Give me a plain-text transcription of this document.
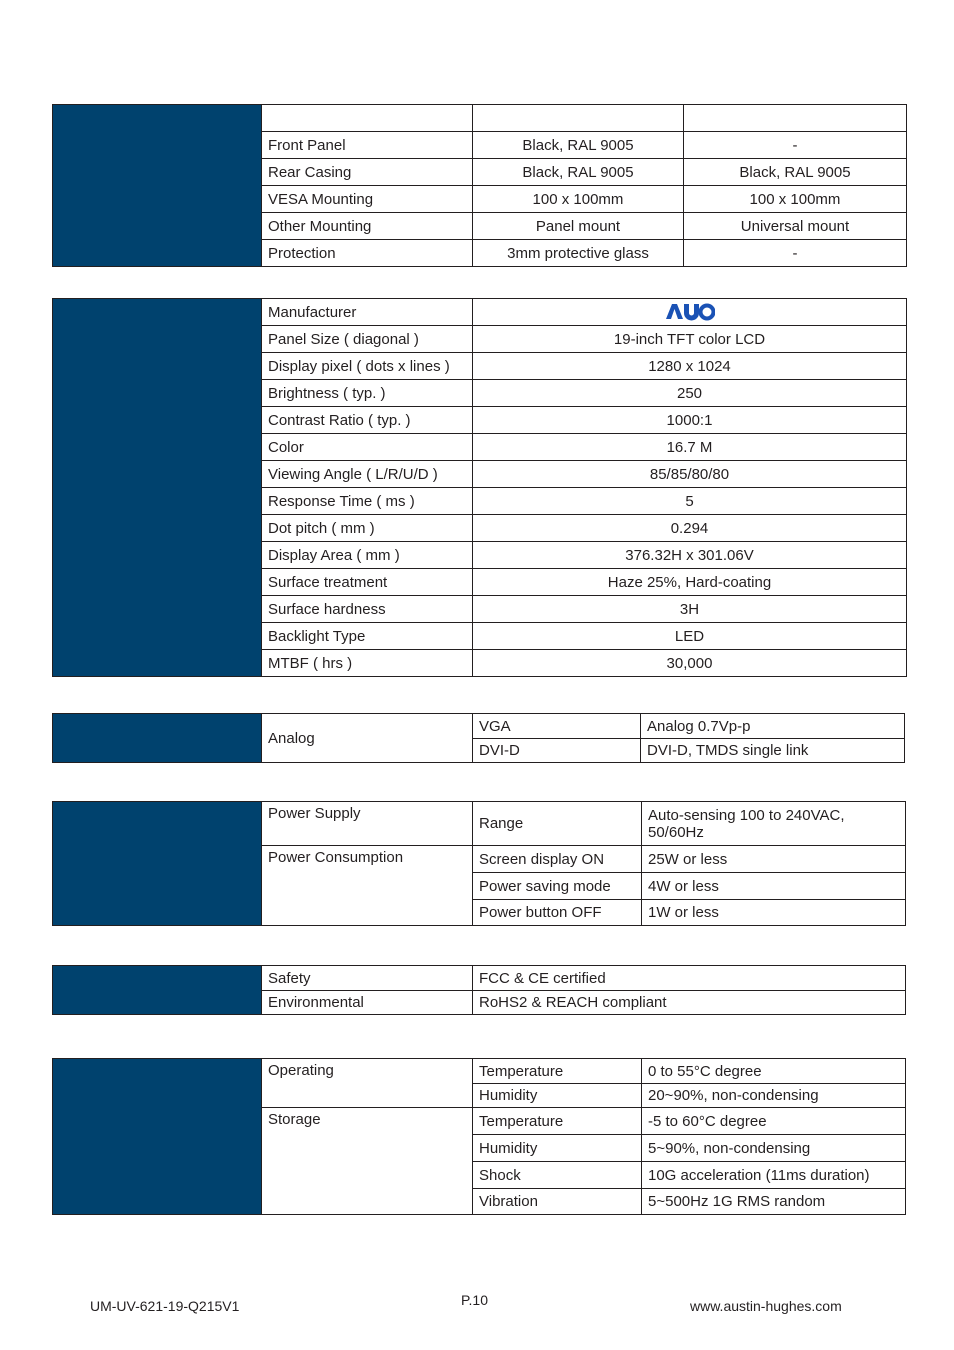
	Front Panel	Black, RAL 9005	-
	Rear Casing	Black, RAL 9005	Black, RAL 9005
	VESA Mounting	100 x 100mm	100 x 100mm
	Other Mounting	Panel mount	Universal mount
	Protection	3mm protective glass	-
	Manufacturer	
	Panel Size ( diagonal )	19-inch TFT color LCD
	Display pixel ( dots x lines )	1280 x 1024
	Brightness ( typ. )	250
	Contrast Ratio ( typ. )	1000:1
	Color	16.7 M
	Viewing Angle ( L/R/U/D )	85/85/80/80
	Response Time ( ms )	5
	Dot pitch ( mm )	0.294
	Display Area ( mm )	376.32H x 301.06V
	Surface treatment	Haze 25%, Hard-coating
	Surface hardness	3H
	Backlight Type	LED
	MTBF ( hrs )	30,000
	Analog	VGA	Analog 0.7Vp-p
		DVI-D	DVI-D, TMDS single link
	Power Supply	Range	Auto-sensing 100 to 240VAC, 50/60Hz
	Power Consumption	Screen display ON	25W or less
		Power saving mode	4W or less
		Power button OFF	1W or less
	Safety	FCC & CE certified
	Environmental	RoHS2 & REACH compliant
	Operating	Temperature	0 to 55°C degree
		Humidity	20~90%, non-condensing
	Storage	Temperature	-5 to 60°C degree
		Humidity	5~90%, non-condensing
		Shock	10G acceleration (11ms duration)
		Vibration	5~500Hz 1G RMS random
UM-UV-621-19-Q215V1	P.10	www.austin-hughes.com
